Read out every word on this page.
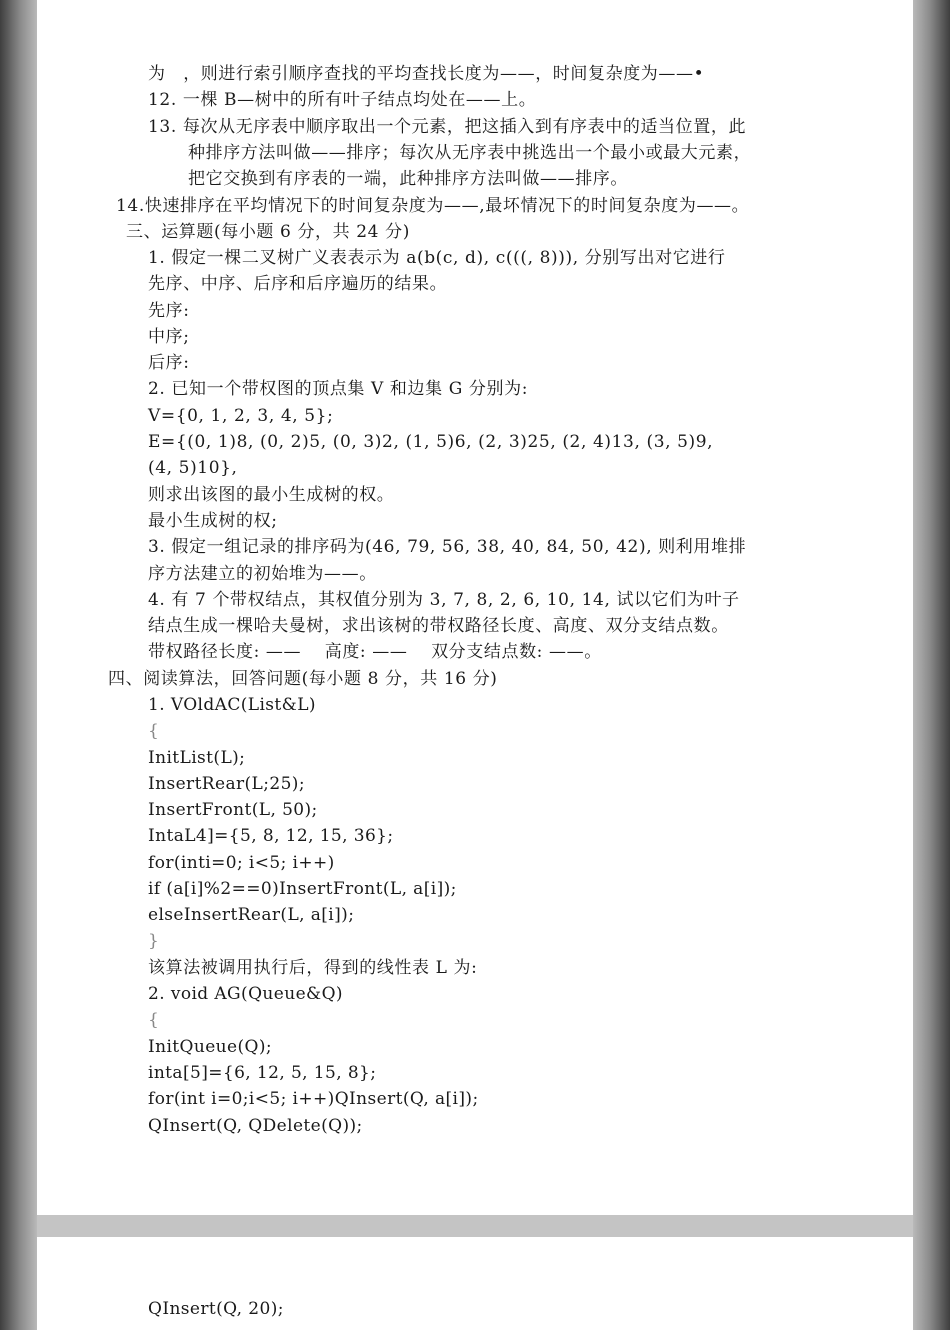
为　，则进行索引顺序查找的平均查找长度为——，时间复杂度为——•
12. 一棵 B—树中的所有叶子结点均处在——上。
13. 每次从无序表中顺序取出一个元素，把这插入到有序表中的适当位置，此
种排序方法叫做——排序；每次从无序表中挑选出一个最小或最大元素，
把它交换到有序表的一端，此种排序方法叫做——排序。
14.快速排序在平均情况下的时间复杂度为——,最坏情况下的时间复杂度为——。
三、运算题(每小题 6 分，共 24 分)
1. 假定一棵二叉树广义表表示为 a(b(c, d), c(((, 8))), 分别写出对它进行
先序、中序、后序和后序遍历的结果。
先序:
中序;
后序:
2. 已知一个带权图的顶点集 V 和边集 G 分别为:
V={0, 1, 2, 3, 4, 5};
E={(0, 1)8, (0, 2)5, (0, 3)2, (1, 5)6, (2, 3)25, (2, 4)13, (3, 5)9,
(4, 5)10},
则求出该图的最小生成树的权。
最小生成树的权;
3. 假定一组记录的排序码为(46, 79, 56, 38, 40, 84, 50, 42), 则利用堆排
序方法建立的初始堆为——。
4. 有 7 个带权结点，其权值分别为 3, 7, 8, 2, 6, 10, 14, 试以它们为叶子
结点生成一棵哈夫曼树，求出该树的带权路径长度、高度、双分支结点数。
带权路径长度: ——　 高度: ——　 双分支结点数: ——。
四、阅读算法，回答问题(每小题 8 分，共 16 分)
1. VOldAC(List&L)
{
InitList(L);
InsertRear(L;25);
InsertFront(L, 50);
IntaL4]={5, 8, 12, 15, 36};
for(inti=0; i<5; i++)
if (a[i]%2==0)InsertFront(L, a[i]);
elseInsertRear(L, a[i]);
}
该算法被调用执行后，得到的线性表 L 为:
2. void AG(Queue&Q)
{
InitQueue(Q);
inta[5]={6, 12, 5, 15, 8};
for(int i=0;i<5; i++)QInsert(Q, a[i]);
QInsert(Q, QDelete(Q));
QInsert(Q, 20);
